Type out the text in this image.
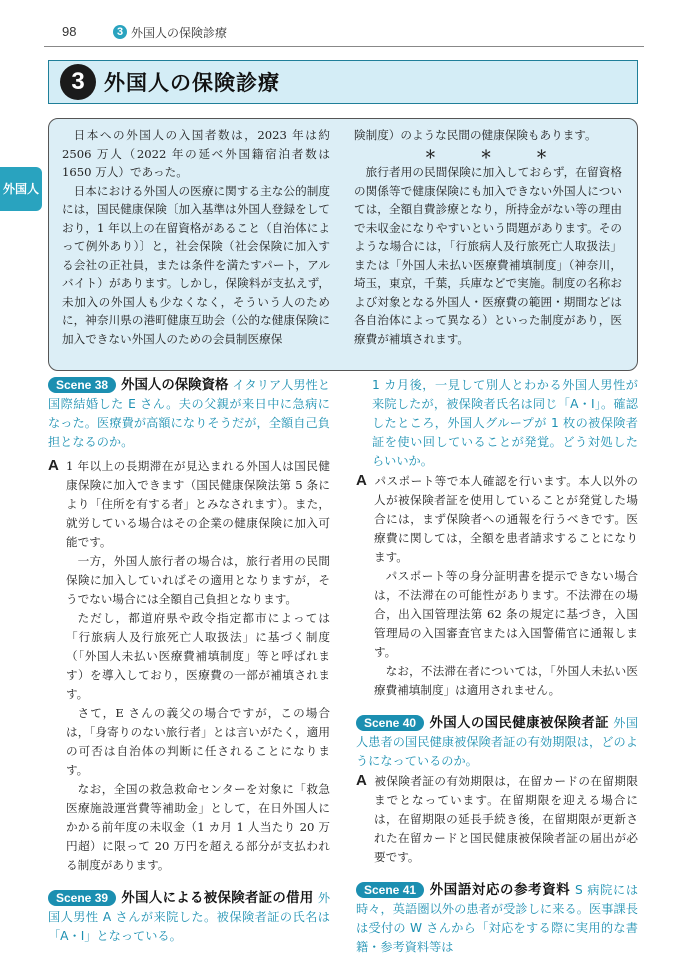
98	3 外国人の保険診療
外国人
3 外国人の保険診療

日本への外国人の入国者数は，2023 年は約 2506 万人（2022 年の延べ外国籍宿泊者数は 1650 万人）であった。

日本における外国人の医療に関する主な公的制度には，国民健康保険〔加入基準は外国人登録をしており，1 年以上の在留資格があること（自治体によって例外あり）〕と，社会保険（社会保険に加入する会社の正社員，または条件を満たすパート，アルバイト）があります。しかし，保険料が支払えず，未加入の外国人も少なくなく，そういう人のために，神奈川県の港町健康互助会（公的な健康保険に加入できない外国人のための会員制医療保

険制度）のような民間の健康保険もあります。

＊＊＊

旅行者用の民間保険に加入しておらず，在留資格の関係等で健康保険にも加入できない外国人については，全額自費診療となり，所持金がない等の理由で未収金になりやすいという問題があります。そのような場合には，「行旅病人及行旅死亡人取扱法」または「外国人未払い医療費補填制度」（神奈川，埼玉，東京，千葉，兵庫などで実施。制度の名称および対象となる外国人・医療費の範囲・期間などは各自治体によって異なる）といった制度があり，医療費が補填されます。

Scene 38 外国人の保険資格 イタリア人男性と国際結婚した E さん。夫の父親が来日中に急病になった。医療費が高額になりそうだが，全額自己負担となるのか。

A 1 年以上の長期滞在が見込まれる外国人は国民健康保険に加入できます（国民健康保険法第 5 条により「住所を有する者」とみなされます）。また，就労している場合はその企業の健康保険に加入可能です。

一方，外国人旅行者の場合は，旅行者用の民間保険に加入していればその適用となりますが，そうでない場合には全額自己負担となります。

ただし，都道府県や政令指定都市によっては「行旅病人及行旅死亡人取扱法」に基づく制度（「外国人未払い医療費補填制度」等と呼ばれます）を導入しており，医療費の一部が補填されます。

さて，E さんの義父の場合ですが，この場合は，「身寄りのない旅行者」とは言いがたく，適用の可否は自治体の判断に任されることになります。

なお，全国の救急救命センターを対象に「救急医療施設運営費等補助金」として，在日外国人にかかる前年度の未収金（1 カ月 1 人当たり 20 万円超）に限って 20 万円を超える部分が支払われる制度があります。

Scene 39 外国人による被保険者証の借用 外国人男性 A さんが来院した。被保険者証の氏名は「A・I」となっている。

1 カ月後，一見して別人とわかる外国人男性が来院したが，被保険者氏名は同じ「A・I」。確認したところ，外国人グループが 1 枚の被保険者証を使い回していることが発覚。どう対処したらいいか。

A パスポート等で本人確認を行います。本人以外の人が被保険者証を使用していることが発覚した場合には，まず保険者への通報を行うべきです。医療費に関しては，全額を患者請求することになります。

パスポート等の身分証明書を提示できない場合は，不法滞在の可能性があります。不法滞在の場合，出入国管理法第 62 条の規定に基づき，入国管理局の入国審査官または入国警備官に通報します。

なお，不法滞在者については，「外国人未払い医療費補填制度」は適用されません。

Scene 40 外国人の国民健康被保険者証 外国人患者の国民健康被保険者証の有効期限は，どのようになっているのか。

A 被保険者証の有効期限は，在留カードの在留期限までとなっています。在留期限を迎える場合には，在留期限の延長手続き後，在留期限が更新された在留カードと国民健康被保険者証の届出が必要です。

Scene 41 外国語対応の参考資料 S 病院には時々，英語圏以外の患者が受診しに来る。医事課長は受付の W さんから「対応をする際に実用的な書籍・参考資料等は
